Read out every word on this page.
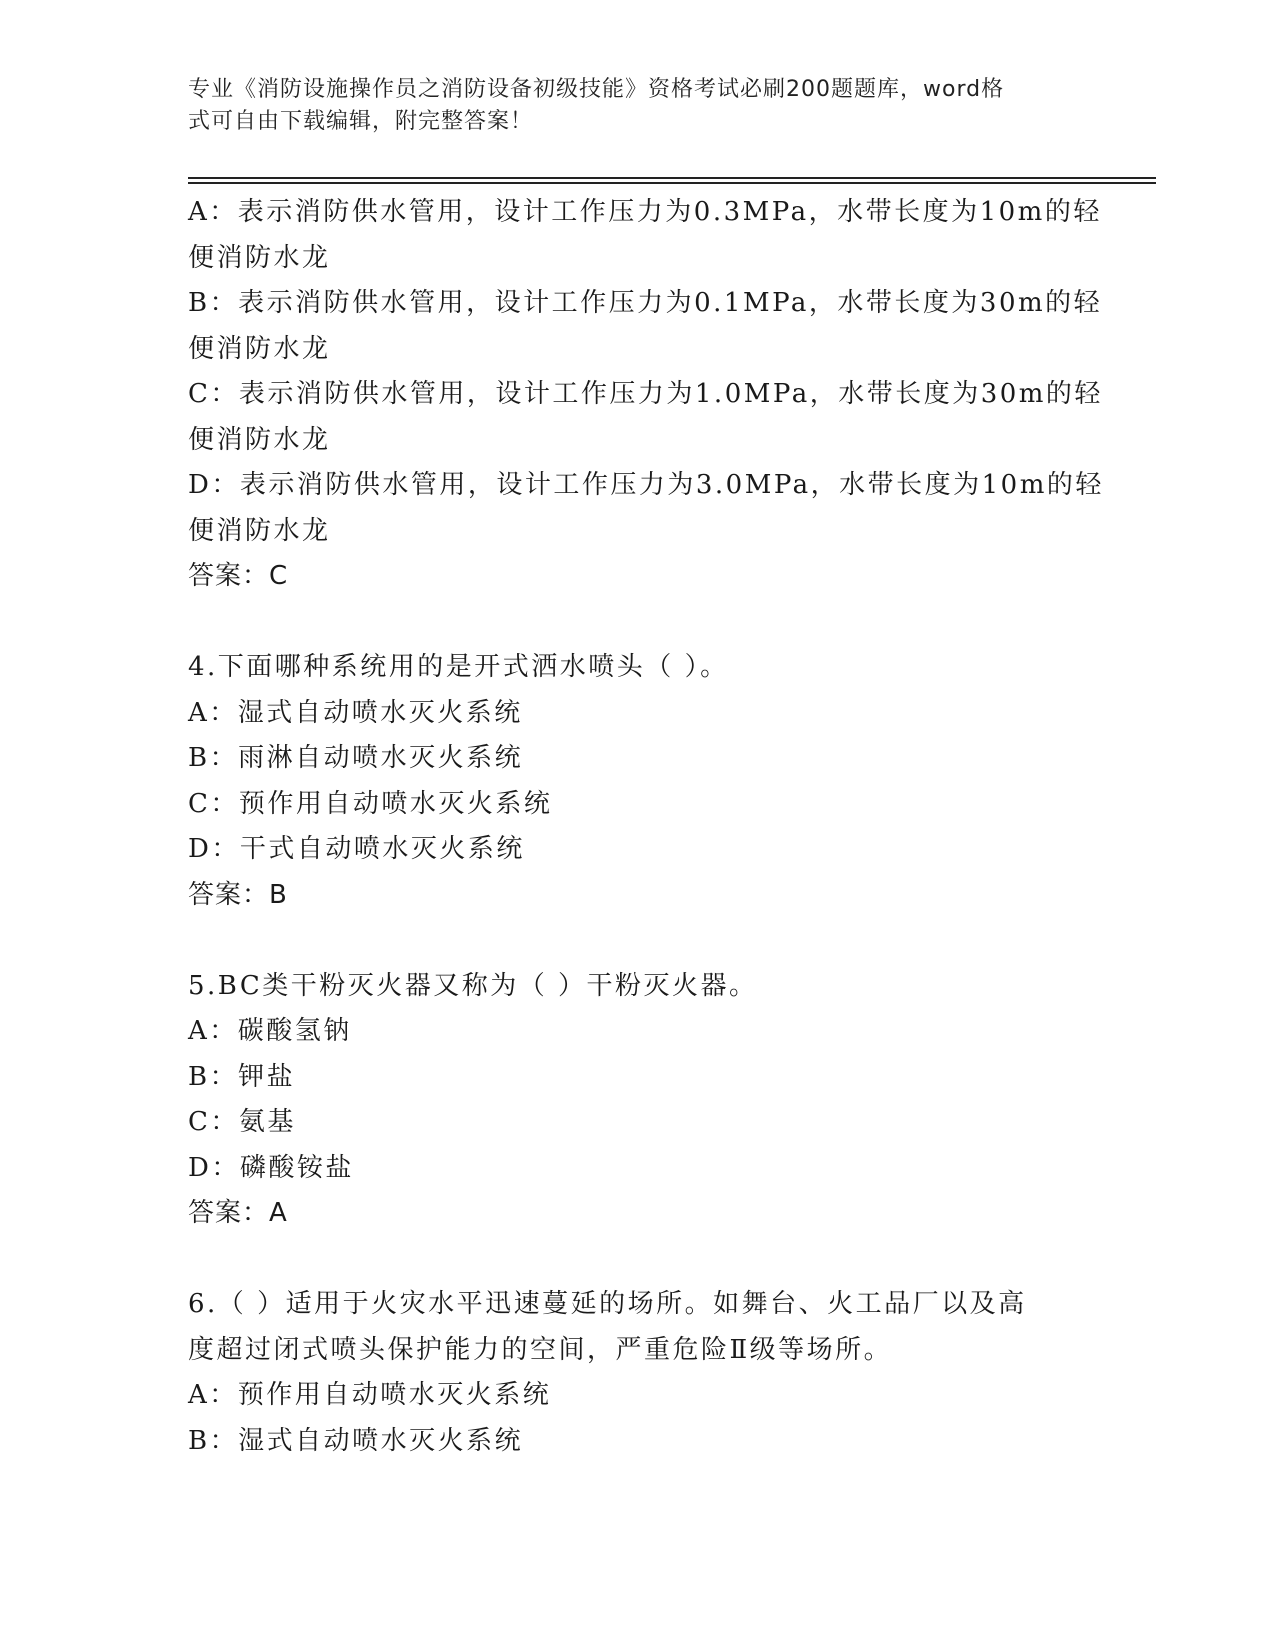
专业《消防设施操作员之消防设备初级技能》资格考试必刷200题题库，word格
式可自由下载编辑，附完整答案！
A：表示消防供水管用，设计工作压力为0.3MPa，水带长度为10m的轻
便消防水龙
B：表示消防供水管用，设计工作压力为0.1MPa，水带长度为30m的轻
便消防水龙
C：表示消防供水管用，设计工作压力为1.0MPa，水带长度为30m的轻
便消防水龙
D：表示消防供水管用，设计工作压力为3.0MPa，水带长度为10m的轻
便消防水龙
答案：C
4.下面哪种系统用的是开式洒水喷头（ ）。
A：湿式自动喷水灭火系统
B：雨淋自动喷水灭火系统
C：预作用自动喷水灭火系统
D：干式自动喷水灭火系统
答案：B
5.BC类干粉灭火器又称为（ ）干粉灭火器。
A：碳酸氢钠
B：钾盐
C：氨基
D：磷酸铵盐
答案：A
6.（ ）适用于火灾水平迅速蔓延的场所。如舞台、火工品厂以及高
度超过闭式喷头保护能力的空间，严重危险Ⅱ级等场所。
A：预作用自动喷水灭火系统
B：湿式自动喷水灭火系统
